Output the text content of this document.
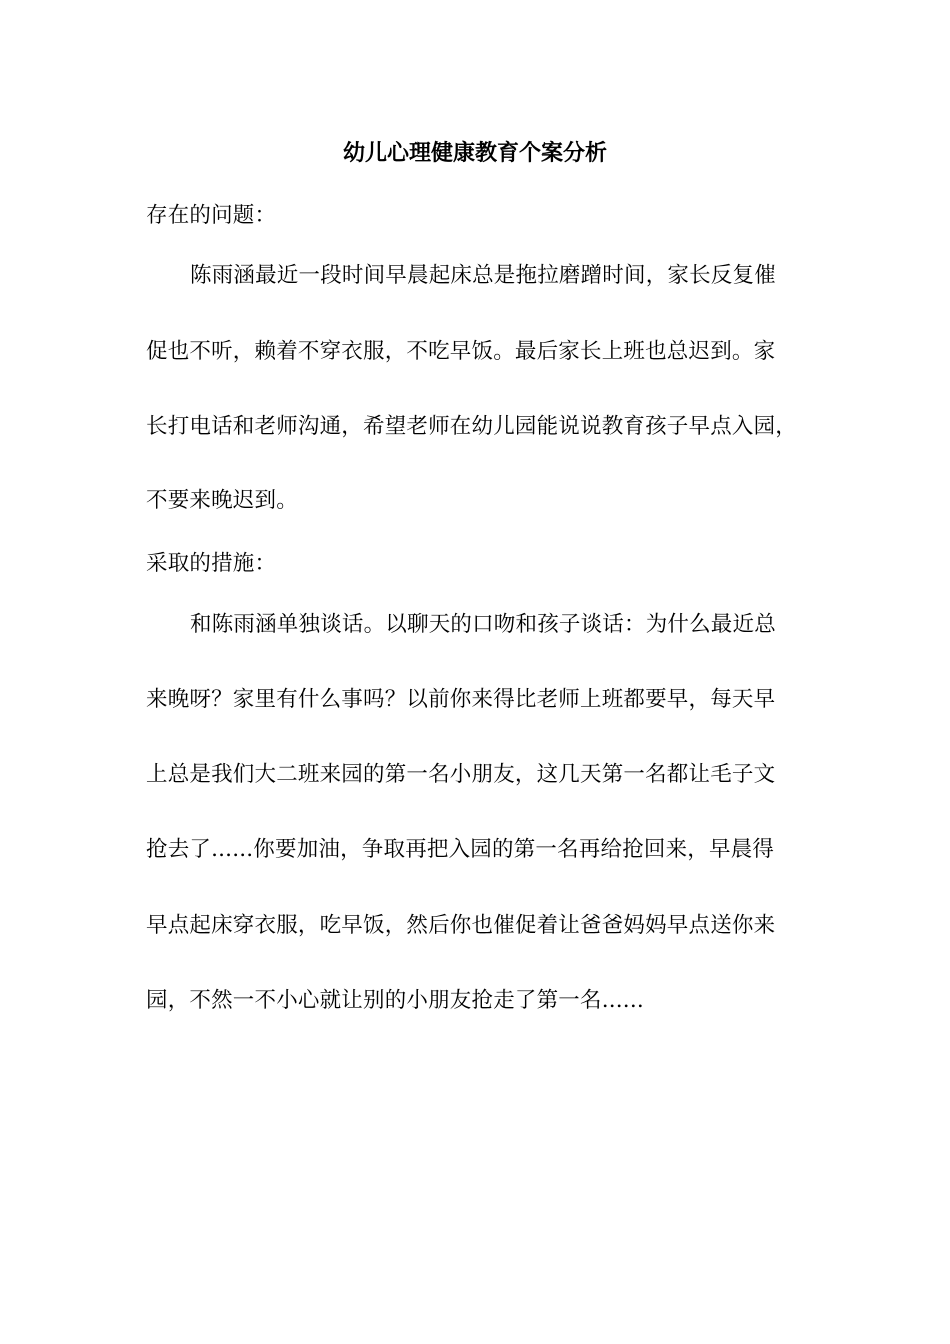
幼儿心理健康教育个案分析
存在的问题：
陈雨涵最近一段时间早晨起床总是拖拉磨蹭时间，家长反复催
促也不听，赖着不穿衣服，不吃早饭。最后家长上班也总迟到。家
长打电话和老师沟通，希望老师在幼儿园能说说教育孩子早点入园，
不要来晚迟到。
采取的措施：
和陈雨涵单独谈话。以聊天的口吻和孩子谈话：为什么最近总
来晚呀？家里有什么事吗？以前你来得比老师上班都要早，每天早
上总是我们大二班来园的第一名小朋友，这几天第一名都让毛子文
抢去了......你要加油，争取再把入园的第一名再给抢回来，早晨得
早点起床穿衣服，吃早饭，然后你也催促着让爸爸妈妈早点送你来
园，不然一不小心就让别的小朋友抢走了第一名......
